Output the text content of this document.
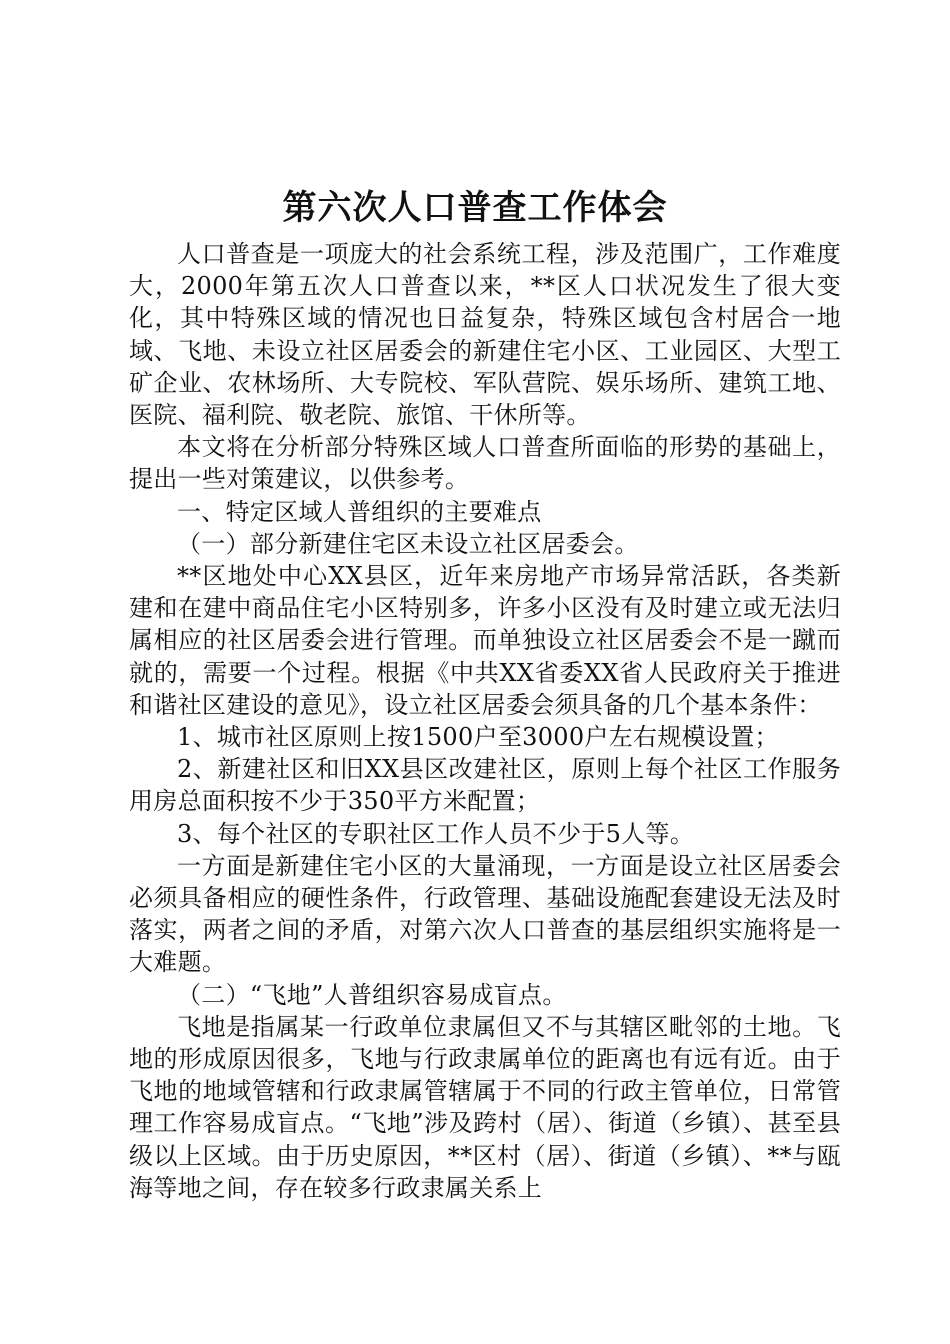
第六次人口普查工作体会

人口普查是一项庞大的社会系统工程，涉及范围广，工作难度大，2000年第五次人口普查以来，**区人口状况发生了很大变化，其中特殊区域的情况也日益复杂，特殊区域包含村居合一地域、飞地、未设立社区居委会的新建住宅小区、工业园区、大型工矿企业、农林场所、大专院校、军队营院、娱乐场所、建筑工地、医院、福利院、敬老院、旅馆、干休所等。

本文将在分析部分特殊区域人口普查所面临的形势的基础上，提出一些对策建议，以供参考。

一、特定区域人普组织的主要难点

（一）部分新建住宅区未设立社区居委会。

**区地处中心XX县区，近年来房地产市场异常活跃，各类新建和在建中商品住宅小区特别多，许多小区没有及时建立或无法归属相应的社区居委会进行管理。而单独设立社区居委会不是一蹴而就的，需要一个过程。根据《中共XX省委XX省人民政府关于推进和谐社区建设的意见》，设立社区居委会须具备的几个基本条件：

1、城市社区原则上按1500户至3000户左右规模设置；

2、新建社区和旧XX县区改建社区，原则上每个社区工作服务用房总面积按不少于350平方米配置；

3、每个社区的专职社区工作人员不少于5人等。

一方面是新建住宅小区的大量涌现，一方面是设立社区居委会必须具备相应的硬性条件，行政管理、基础设施配套建设无法及时落实，两者之间的矛盾，对第六次人口普查的基层组织实施将是一大难题。

（二）“飞地”人普组织容易成盲点。

飞地是指属某一行政单位隶属但又不与其辖区毗邻的土地。飞地的形成原因很多，飞地与行政隶属单位的距离也有远有近。由于飞地的地域管辖和行政隶属管辖属于不同的行政主管单位，日常管理工作容易成盲点。“飞地”涉及跨村（居）、街道（乡镇）、甚至县级以上区域。由于历史原因，**区村（居）、街道（乡镇）、**与瓯海等地之间，存在较多行政隶属关系上
